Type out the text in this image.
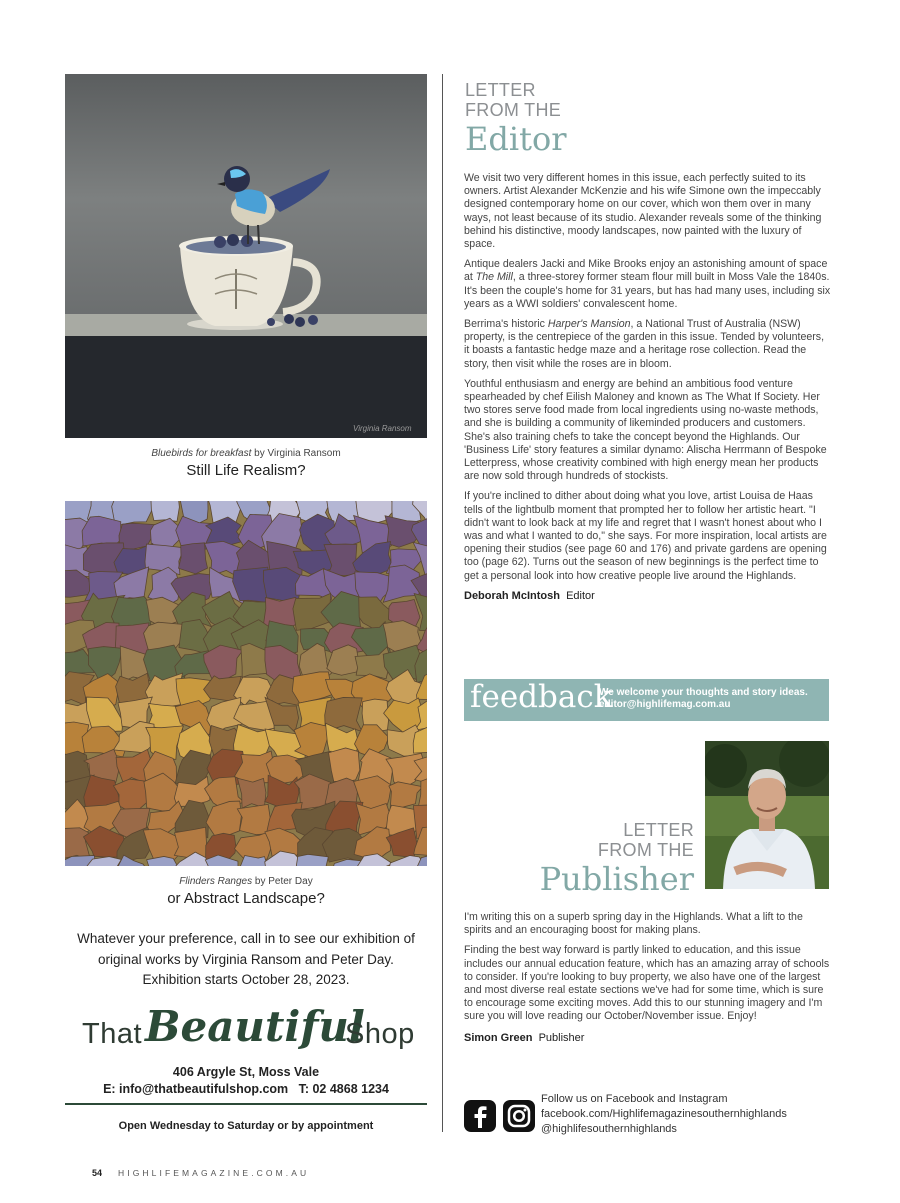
Virginia Ransom
Bluebirds for breakfast by Virginia Ransom
Still Life Realism?
Flinders Ranges by Peter Day
or Abstract Landscape?
Whatever your preference, call in to see our exhibition of
original works by Virginia Ransom and Peter Day.
Exhibition starts October 28, 2023.
That Beautiful
Shop
406 Argyle St, Moss Vale
E: info@thatbeautifulshop.com   T: 02 4868 1234
Open Wednesday to Saturday or by appointment
LETTER
FROM THE
Editor

We visit two very different homes in this issue, each perfectly suited to its owners. Artist Alexander McKenzie and his wife Simone own the impeccably designed contemporary home on our cover, which won them over in many ways, not least because of its studio. Alexander reveals some of the thinking behind his distinctive, moody landscapes, now painted with the luxury of space.

Antique dealers Jacki and Mike Brooks enjoy an astonishing amount of space at The Mill, a three-storey former steam flour mill built in Moss Vale the 1840s. It's been the couple's home for 31 years, but has had many uses, including six years as a WWI soldiers' convalescent home.

Berrima's historic Harper's Mansion, a National Trust of Australia (NSW) property, is the centrepiece of the garden in this issue. Tended by volunteers, it boasts a fantastic hedge maze and a heritage rose collection. Read the story, then visit while the roses are in bloom.

Youthful enthusiasm and energy are behind an ambitious food venture spearheaded by chef Eilish Maloney and known as The What If Society. Her two stores serve food made from local ingredients using no-waste methods, and she is building a community of likeminded producers and customers. She's also training chefs to take the concept beyond the Highlands. Our 'Business Life' story features a similar dynamo: Alischa Herrmann of Bespoke Letterpress, whose creativity combined with high energy mean her products are now sold through hundreds of stockists.

If you're inclined to dither about doing what you love, artist Louisa de Haas tells of the lightbulb moment that prompted her to follow her artistic heart. "I didn't want to look back at my life and regret that I wasn't honest about who I was and what I wanted to do," she says. For more inspiration, local artists are opening their studios (see page 60 and 176) and private gardens are opening too (page 62). Turns out the season of new beginnings is the perfect time to get a personal look into how creative people live around the Highlands.

Deborah McIntosh Editor
feedback
We welcome your thoughts and story ideas.
editor@highlifemag.com.au
LETTER
FROM THE
Publisher

I'm writing this on a superb spring day in the Highlands. What a lift to the spirits and an encouraging boost for making plans.

Finding the best way forward is partly linked to education, and this issue includes our annual education feature, which has an amazing array of schools to consider. If you're looking to buy property, we also have one of the largest and most diverse real estate sections we've had for some time, which is sure to encourage some exciting moves. Add this to our stunning imagery and I'm sure you will love reading our October/November issue. Enjoy!

Simon Green Publisher
Follow us on Facebook and Instagram
facebook.com/Highlifemagazinesouthernhighlands
@highlifesouthernhighlands
54 HIGHLIFEMAGAZINE.COM.AU
